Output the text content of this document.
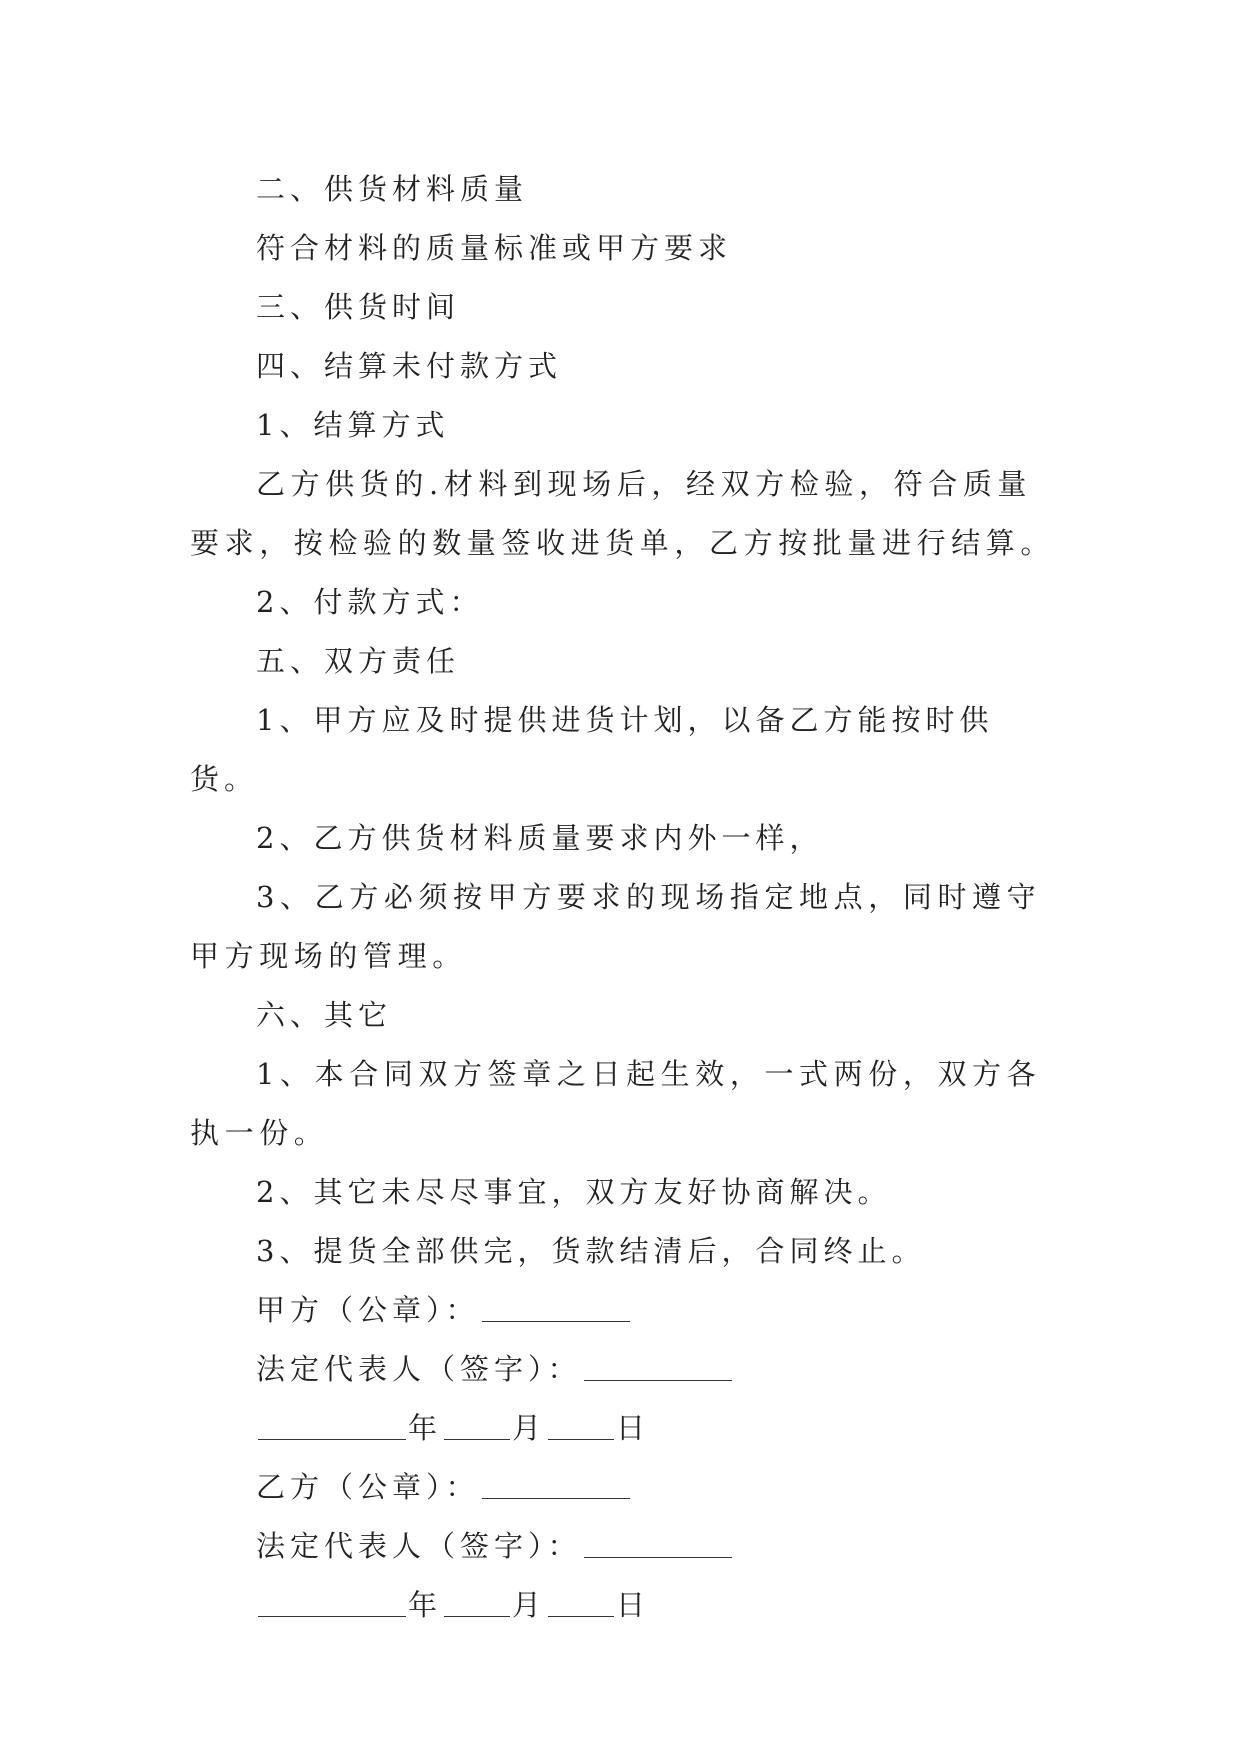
二、供货材料质量

符合材料的质量标准或甲方要求

三、供货时间

四、结算未付款方式

1、结算方式

乙方供货的.材料到现场后，经双方检验，符合质量要求，按检验的数量签收进货单，乙方按批量进行结算。

2、付款方式：

五、双方责任

1、甲方应及时提供进货计划，以备乙方能按时供货。

2、乙方供货材料质量要求内外一样，

3、乙方必须按甲方要求的现场指定地点，同时遵守甲方现场的管理。

六、其它

1、本合同双方签章之日起生效，一式两份，双方各执一份。

2、其它未尽尽事宜，双方友好协商解决。

3、提货全部供完，货款结清后，合同终止。

甲方（公章）：

法定代表人（签字）：

年 月 日

乙方（公章）：

法定代表人（签字）：

年 月 日
